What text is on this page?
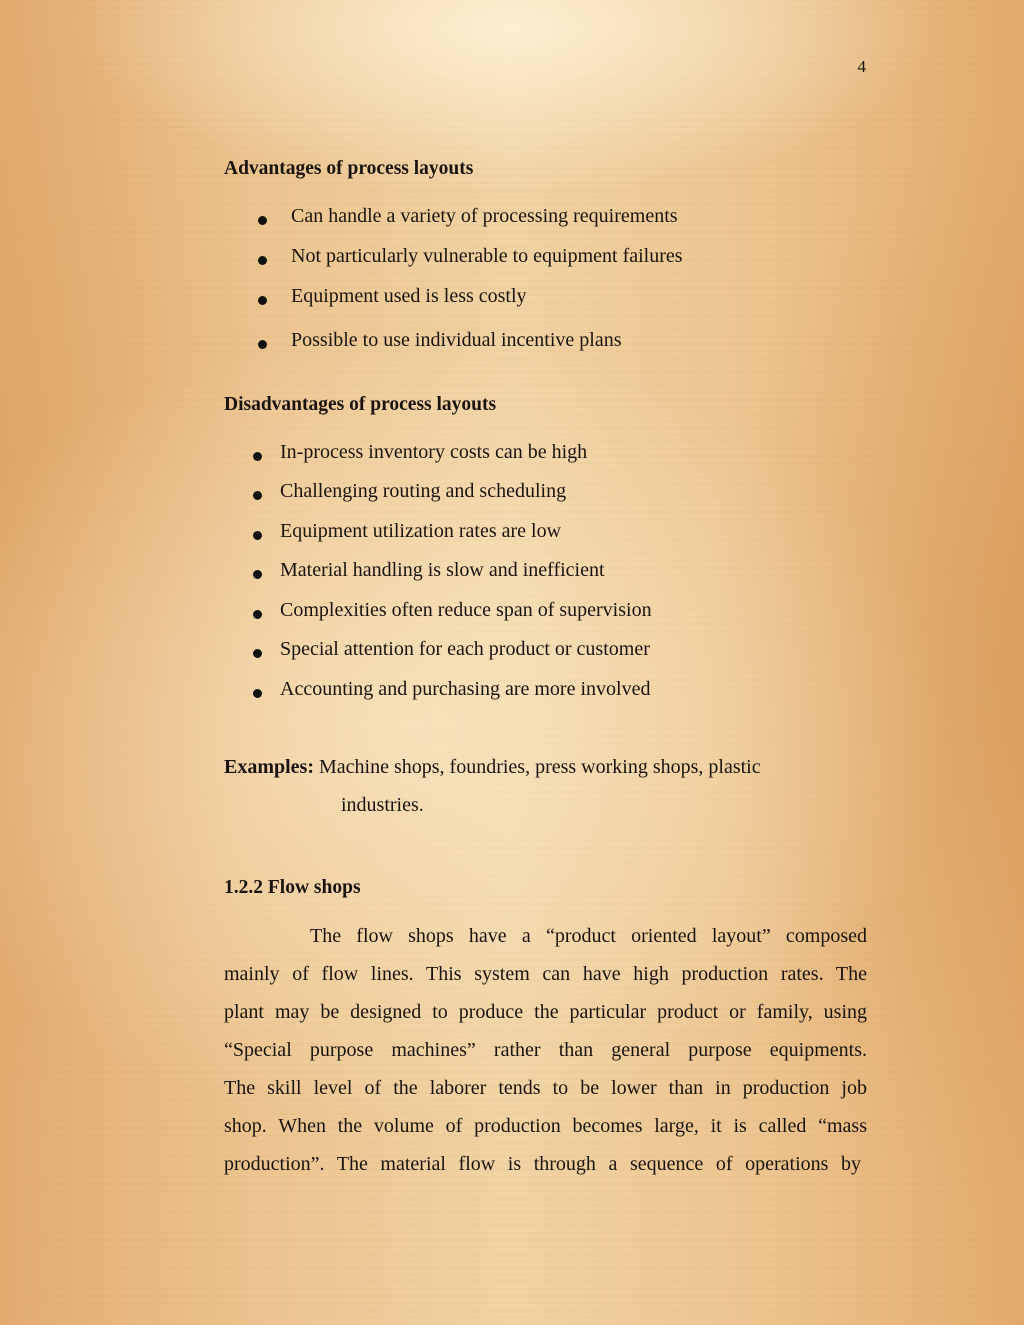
4
Advantages of process layouts
Can handle a variety of processing requirements
Not particularly vulnerable to equipment failures
Equipment used is less costly
Possible to use individual incentive plans
Disadvantages of process layouts
In-process inventory costs can be high
Challenging routing and scheduling
Equipment utilization rates are low
Material handling is slow and inefficient
Complexities often reduce span of supervision
Special attention for each product or customer
Accounting and purchasing are more involved
Examples: Machine shops, foundries, press working shops, plastic
industries.
1.2.2 Flow shops
The flow shops have a “product oriented layout” composed
mainly of flow lines. This system can have high production rates. The
plant may be designed to produce the particular product or family, using
“Special purpose machines” rather than general purpose equipments.
The skill level of the laborer tends to be lower than in production job
shop. When the volume of production becomes large, it is called “mass
production”. The material flow is through a sequence of operations by
